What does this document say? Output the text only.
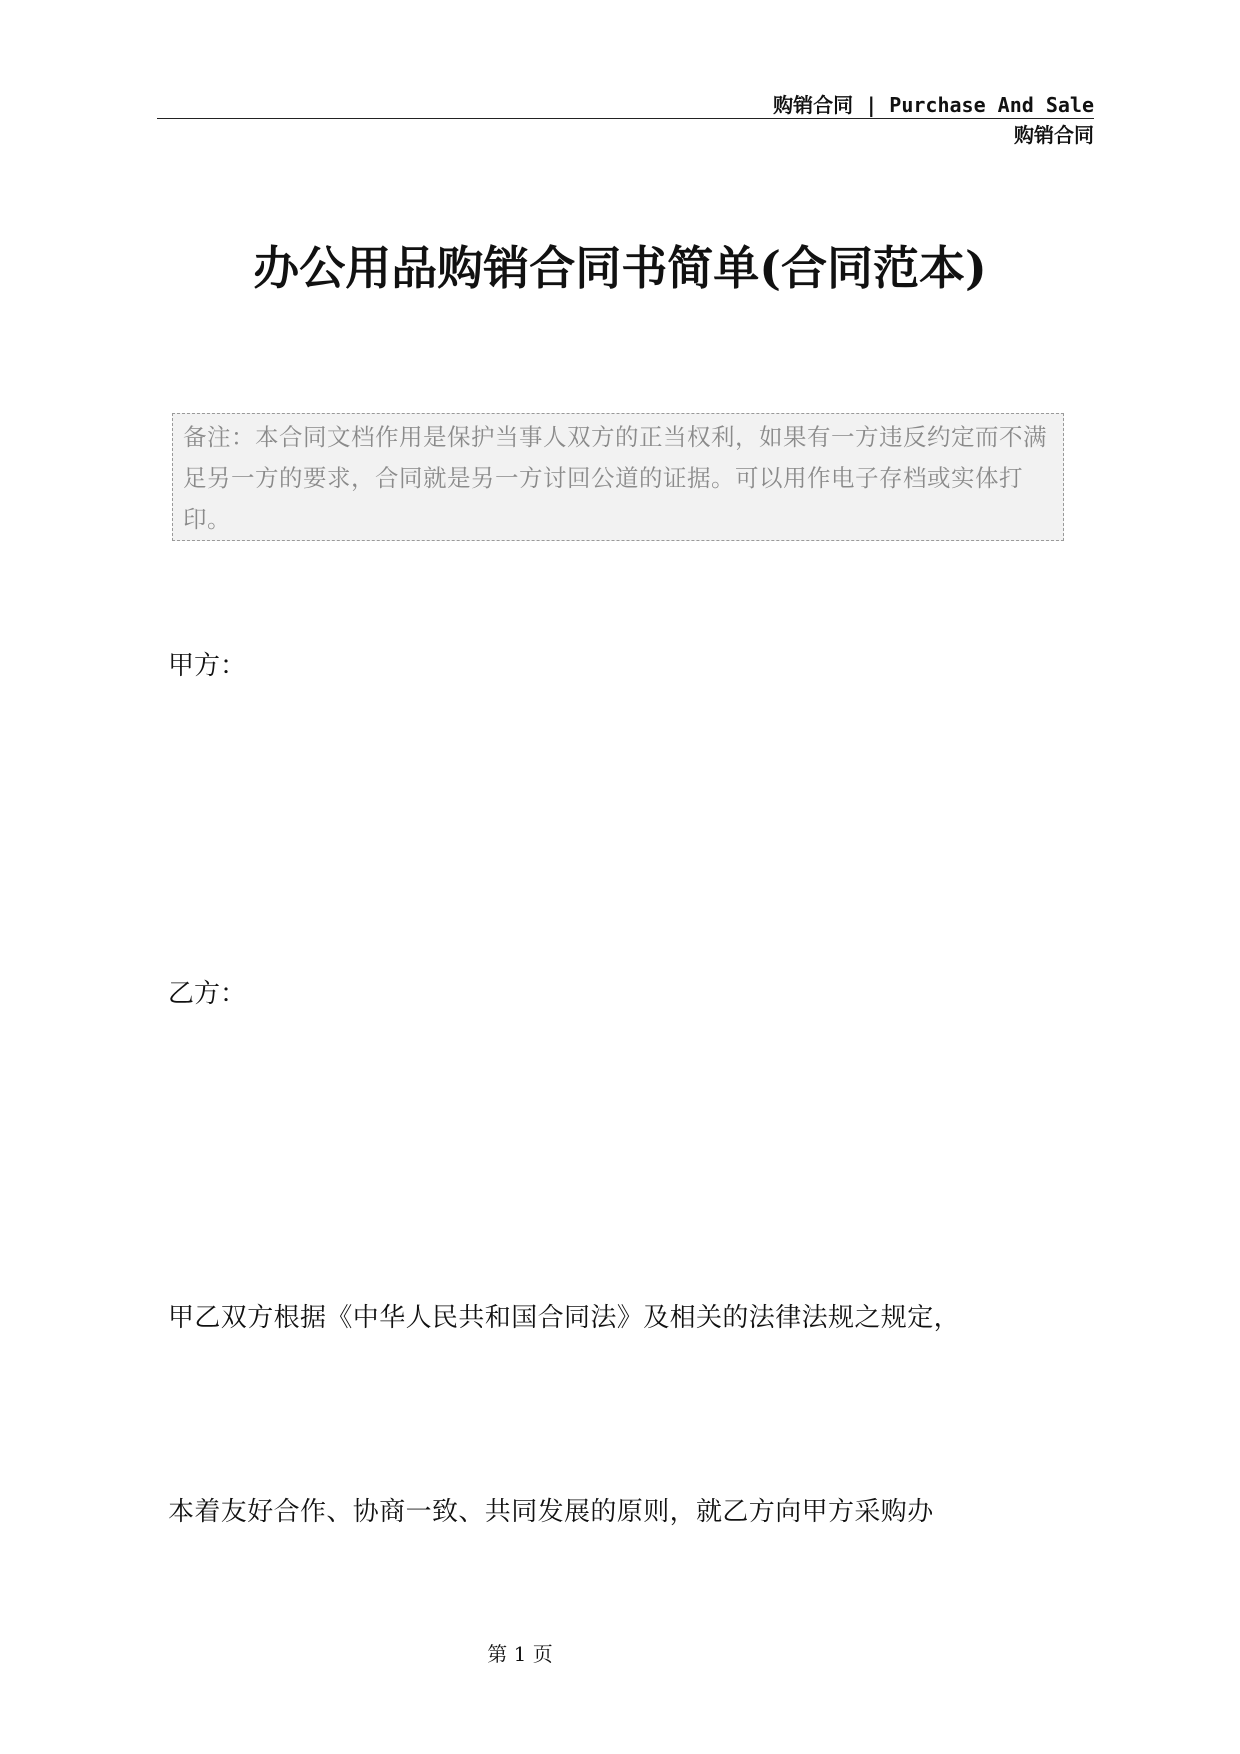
购销合同 | Purchase And Sale
购销合同
办公用品购销合同书简单(合同范本)
备注：本合同文档作用是保护当事人双方的正当权利，如果有一方违反约定而不满足另一方的要求，合同就是另一方讨回公道的证据。可以用作电子存档或实体打印。
甲方：
乙方：
甲乙双方根据《中华人民共和国合同法》及相关的法律法规之规定，
本着友好合作、协商一致、共同发展的原则，就乙方向甲方采购办
第 1 页
